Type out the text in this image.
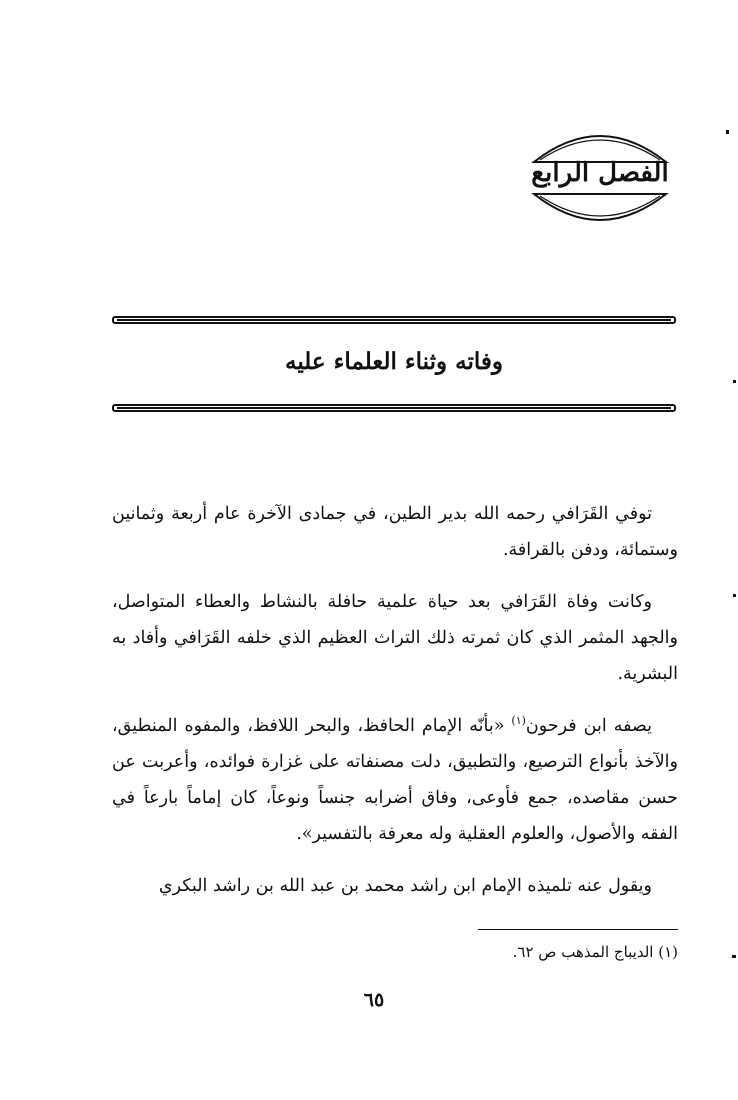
الفصل الرابع
وفاته وثناء العلماء عليه

توفي القَرَافي رحمه الله بدير الطين، في جمادى الآخرة عام أربعة وثمانين وستمائة، ودفن بالقرافة.

وكانت وفاة القَرَافي بعد حياة علمية حافلة بالنشاط والعطاء المتواصل، والجهد المثمر الذي كان ثمرته ذلك التراث العظيم الذي خلفه القَرَافي وأفاد به البشرية.

يصفه ابن فرحون$^{(١)}$ «بأنّه الإمام الحافظ، والبحر اللافظ، والمفوه المنطيق، والآخذ بأنواع الترصيع، والتطبيق، دلت مصنفاته على غزارة فوائده، وأعربت عن حسن مقاصده، جمع فأوعى، وفاق أضرابه جنساً ونوعاً، كان إماماً بارعاً في الفقه والأصول، والعلوم العقلية وله معرفة بالتفسير».

ويقول عنه تلميذه الإمام ابن راشد محمد بن عبد الله بن راشد البكري

(١) الديباج المذهب ص ٦٢.
٦٥
